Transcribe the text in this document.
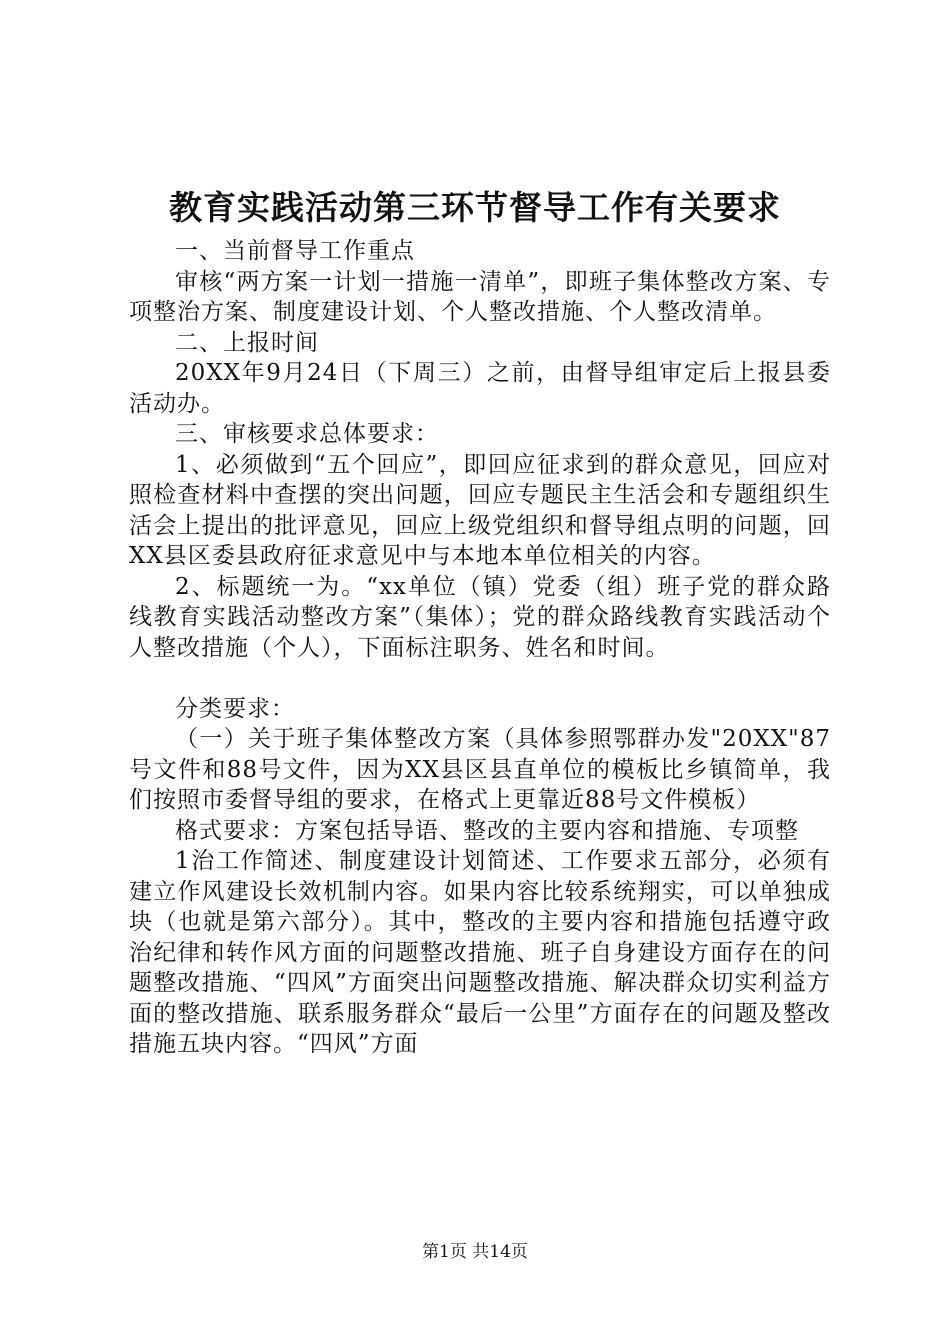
教育实践活动第三环节督导工作有关要求

一、当前督导工作重点

审核“两方案一计划一措施一清单”，即班子集体整改方案、专项整治方案、制度建设计划、个人整改措施、个人整改清单。

二、上报时间

20XX年9月24日（下周三）之前，由督导组审定后上报县委活动办。

三、审核要求总体要求：

1、必须做到“五个回应”，即回应征求到的群众意见，回应对照检查材料中查摆的突出问题，回应专题民主生活会和专题组织生活会上提出的批评意见，回应上级党组织和督导组点明的问题，回XX县区委县政府征求意见中与本地本单位相关的内容。

2、标题统一为。“xx单位（镇）党委（组）班子党的群众路线教育实践活动整改方案”（集体）；党的群众路线教育实践活动个人整改措施（个人），下面标注职务、姓名和时间。

分类要求：

（一）关于班子集体整改方案（具体参照鄂群办发"20XX"87号文件和88号文件，因为XX县区县直单位的模板比乡镇简单，我们按照市委督导组的要求，在格式上更靠近88号文件模板）

格式要求：方案包括导语、整改的主要内容和措施、专项整

1治工作简述、制度建设计划简述、工作要求五部分，必须有建立作风建设长效机制内容。如果内容比较系统翔实，可以单独成块（也就是第六部分）。其中，整改的主要内容和措施包括遵守政治纪律和转作风方面的问题整改措施、班子自身建设方面存在的问题整改措施、“四风”方面突出问题整改措施、解决群众切实利益方面的整改措施、联系服务群众“最后一公里”方面存在的问题及整改措施五块内容。“四风”方面

第1页 共14页
